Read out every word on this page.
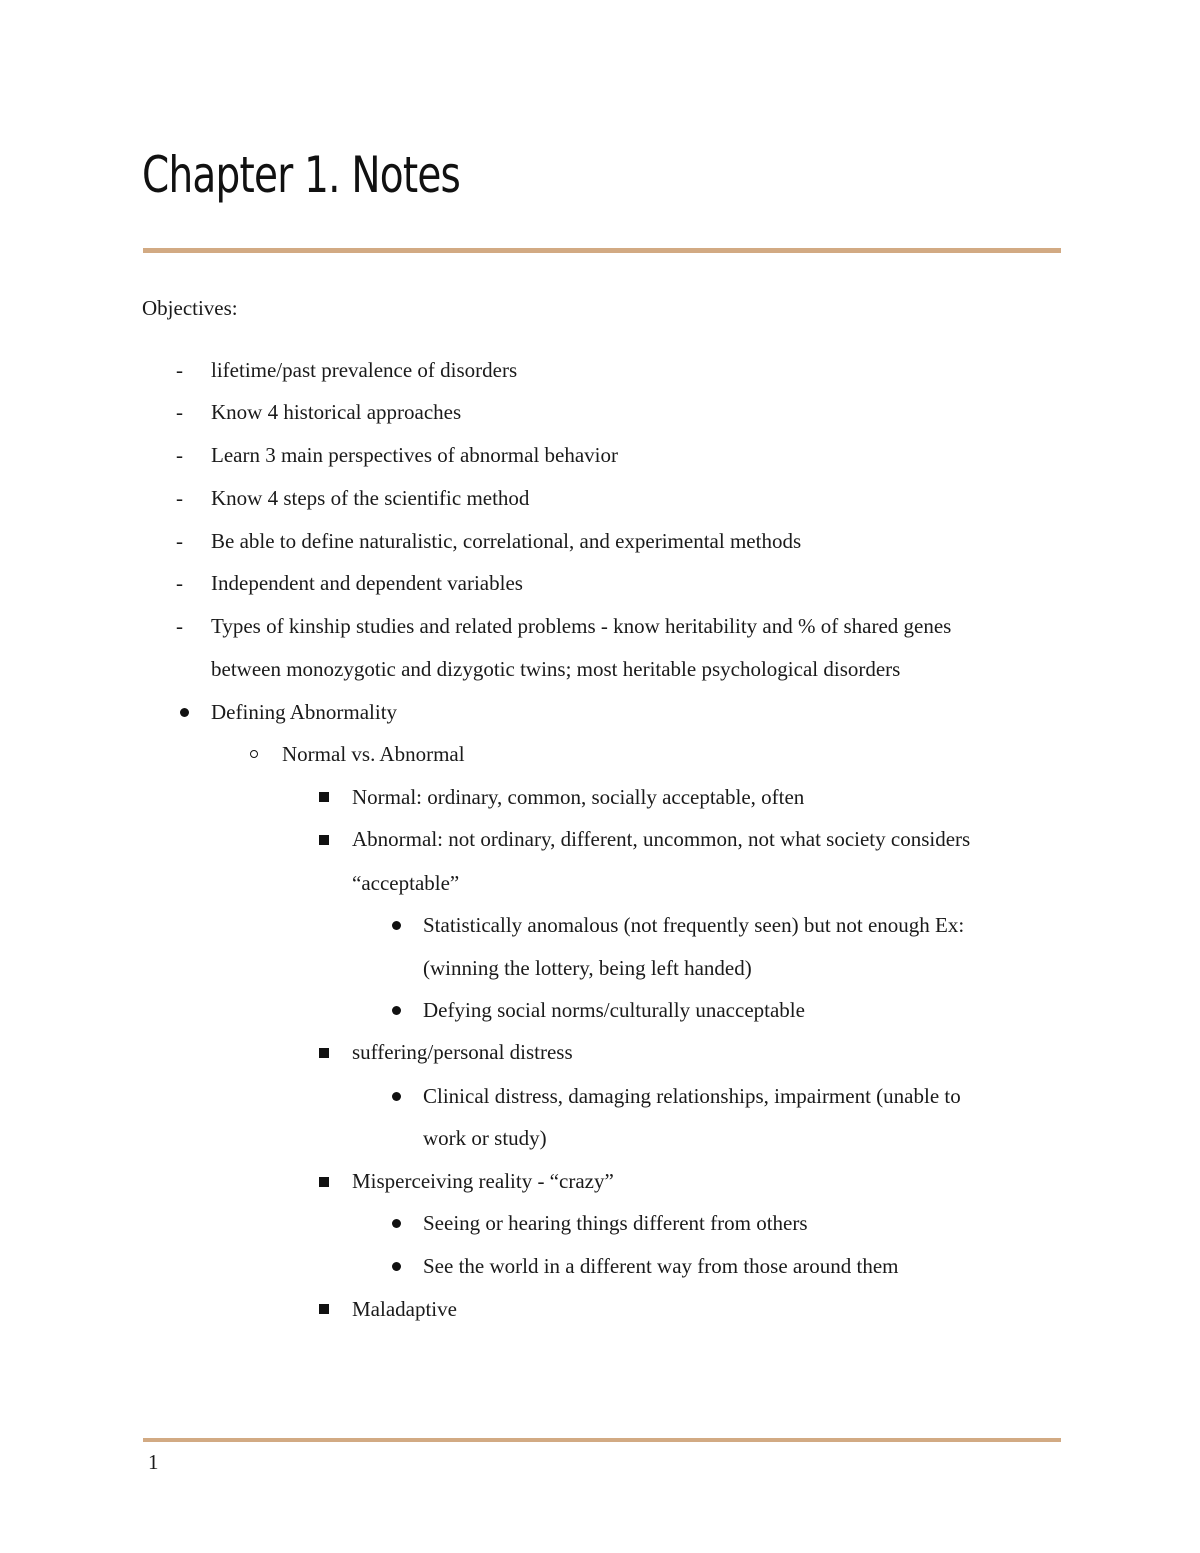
Chapter 1. Notes
Objectives:
- lifetime/past prevalence of disorders
- Know 4 historical approaches
- Learn 3 main perspectives of abnormal behavior
- Know 4 steps of the scientific method
- Be able to define naturalistic, correlational, and experimental methods
- Independent and dependent variables
- Types of kinship studies and related problems - know heritability and % of shared genes
between monozygotic and dizygotic twins; most heritable psychological disorders
Defining Abnormality
Normal vs. Abnormal
Normal: ordinary, common, socially acceptable, often
Abnormal: not ordinary, different, uncommon, not what society considers
“acceptable”
Statistically anomalous (not frequently seen) but not enough Ex:
(winning the lottery, being left handed)
Defying social norms/culturally unacceptable
suffering/personal distress
Clinical distress, damaging relationships, impairment (unable to
work or study)
Misperceiving reality - “crazy”
Seeing or hearing things different from others
See the world in a different way from those around them
Maladaptive
1
